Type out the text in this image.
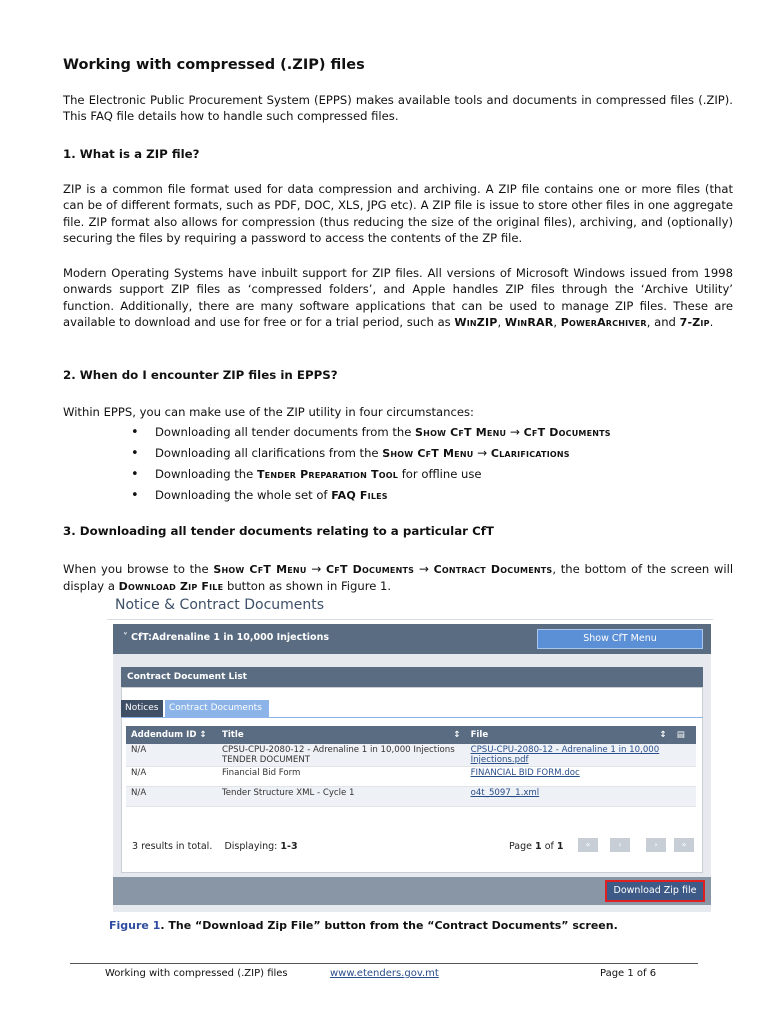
Working with compressed (.ZIP) files

The Electronic Public Procurement System (EPPS) makes available tools and documents in compressed files (.ZIP). This FAQ file details how to handle such compressed files.

1. What is a ZIP file?

ZIP is a common file format used for data compression and archiving. A ZIP file contains one or more files (that can be of different formats, such as PDF, DOC, XLS, JPG etc). A ZIP file is issue to store other files in one aggregate file. ZIP format also allows for compression (thus reducing the size of the original files), archiving, and (optionally) securing the files by requiring a password to access the contents of the ZP file.

Modern Operating Systems have inbuilt support for ZIP files. All versions of Microsoft Windows issued from 1998 onwards support ZIP files as ‘compressed folders’, and Apple handles ZIP files through the ‘Archive Utility’ function. Additionally, there are many software applications that can be used to manage ZIP files. These are available to download and use for free or for a trial period, such as WinZIP, WinRAR, PowerArchiver, and 7-Zip.

2. When do I encounter ZIP files in EPPS?

Within EPPS, you can make use of the ZIP utility in four circumstances:

• Downloading all tender documents from the Show CfT Menu → CfT Documents
• Downloading all clarifications from the Show CfT Menu → Clarifications
• Downloading the Tender Preparation Tool for offline use
• Downloading the whole set of FAQ Files
3. Downloading all tender documents relating to a particular CfT

When you browse to the Show CfT Menu → CfT Documents → Contract Documents, the bottom of the screen will display a Download Zip File button as shown in Figure 1.

Notice & Contract Documents
˅ CfT:Adrenaline 1 in 10,000 Injections	Show CfT Menu
Contract Document List
Notices	Contract Documents
Addendum ID ↕	Title ↕	File ↕	▤
N/A	CPSU-CPU-2080-12 - Adrenaline 1 in 10,000 Injections TENDER DOCUMENT	CPSU-CPU-2080-12 - Adrenaline 1 in 10,000 Injections.pdf	
N/A	Financial Bid Form	FINANCIAL BID FORM.doc	
N/A	Tender Structure XML - Cycle 1	o4t_5097_1.xml	
3 results in total. Displaying: 1-3	Page 1 of 1	«	‹	›	»
Download Zip file
Figure 1. The “Download Zip File” button from the “Contract Documents” screen.
Working with compressed (.ZIP) files	www.etenders.gov.mt	Page 1 of 6
